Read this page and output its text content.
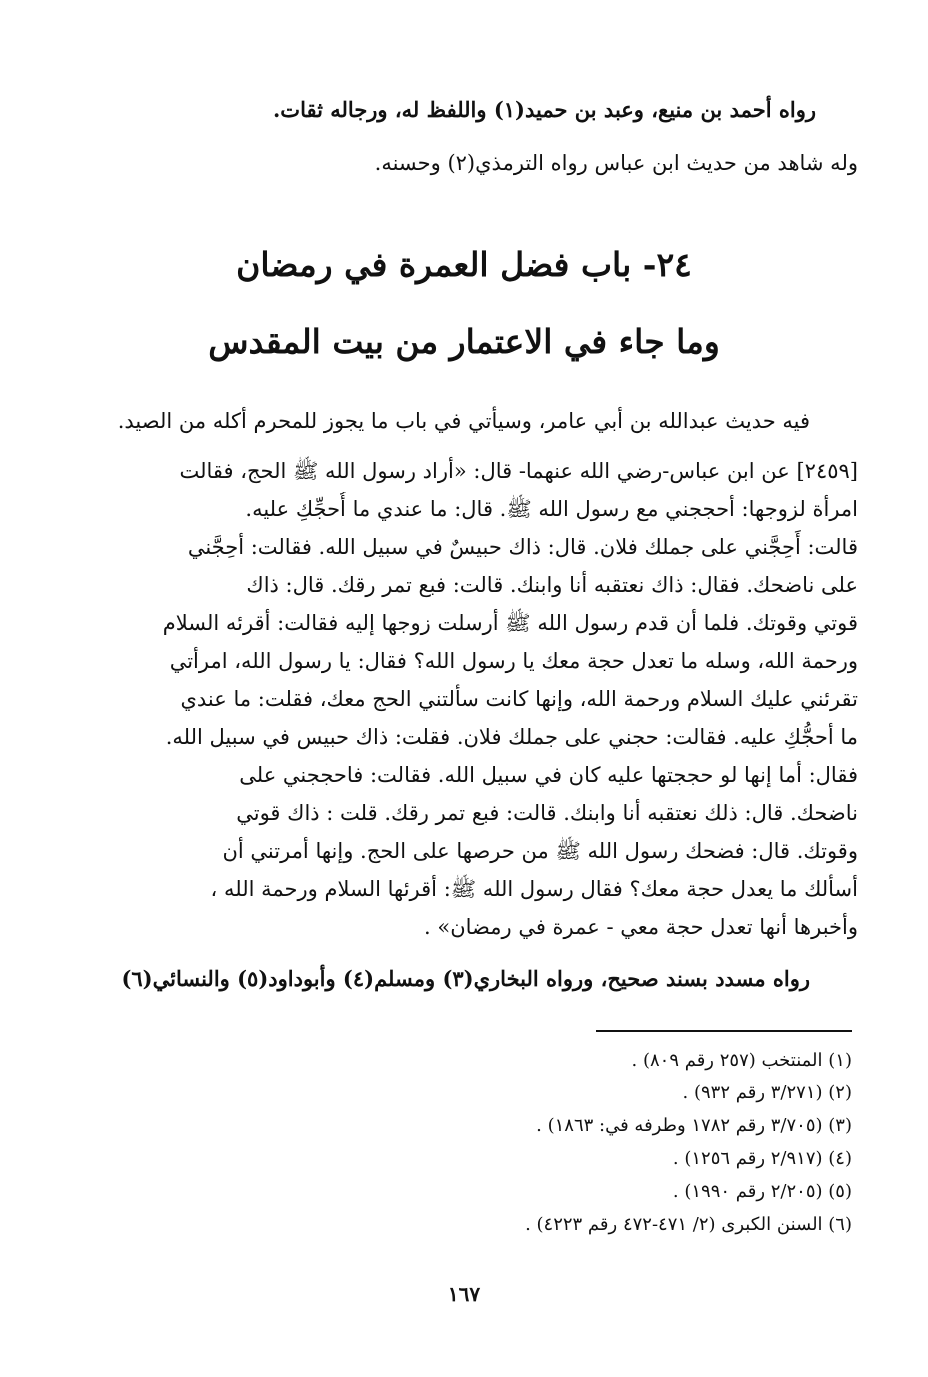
رواه أحمد بن منيع، وعبد بن حميد(١) واللفظ له، ورجاله ثقات.
وله شاهد من حديث ابن عباس رواه الترمذي(٢) وحسنه.
٢٤- باب فضل العمرة في رمضان
وما جاء في الاعتمار من بيت المقدس
فيه حديث عبدالله بن أبي عامر، وسيأتي في باب ما يجوز للمحرم أكله من الصيد.
[٢٤٥٩] عن ابن عباس-رضي الله عنهما- قال: «أراد رسول الله ﷺ الحج، فقالت
امرأة لزوجها: أحججني مع رسول الله ﷺ. قال: ما عندي ما أُحجِّكِ عليه.
قالت: أَحِجَّني على جملك فلان. قال: ذاك حبيسٌ في سبيل الله. فقالت: أحِجَّني
على ناضحك. فقال: ذاك نعتقبه أنا وابنك. قالت: فبع تمر رقك. قال: ذاك
قوتي وقوتك. فلما أن قدم رسول الله ﷺ أرسلت زوجها إليه فقالت: أقرئه السلام
ورحمة الله، وسله ما تعدل حجة معك يا رسول الله؟ فقال: يا رسول الله، امرأتي
تقرئني عليك السلام ورحمة الله، وإنها كانت سألتني الحج معك، فقلت: ما عندي
ما أحجُّكِ عليه. فقالت: حجني على جملك فلان. فقلت: ذاك حبيس في سبيل الله.
فقال: أما إنها لو حججتها عليه كان في سبيل الله. فقالت: فاحججني على
ناضحك. قال: ذلك نعتقبه أنا وابنك. قالت: فبع تمر رقك. قلت : ذاك قوتي
وقوتك. قال: فضحك رسول الله ﷺ من حرصها على الحج. وإنها أمرتني أن
أسألك ما يعدل حجة معك؟ فقال رسول الله ﷺ: أقرئها السلام ورحمة الله ،
وأخبرها أنها تعدل حجة معي - عمرة في رمضان» .
رواه مسدد بسند صحيح، ورواه البخاري(٣) ومسلم(٤) وأبوداود(٥) والنسائي(٦)
(١) المنتخب (٢٥٧ رقم ٨٠٩) .
(٢) (٣/٢٧١ رقم ٩٣٢) .
(٣) (٣/٧٠٥ رقم ١٧٨٢ وطرفه في: ١٨٦٣) .
(٤) (٢/٩١٧ رقم ١٢٥٦) .
(٥) (٢/٢٠٥ رقم ١٩٩٠) .
(٦) السنن الكبرى (٢/ ٤٧١-٤٧٢ رقم ٤٢٢٣) .
١٦٧
